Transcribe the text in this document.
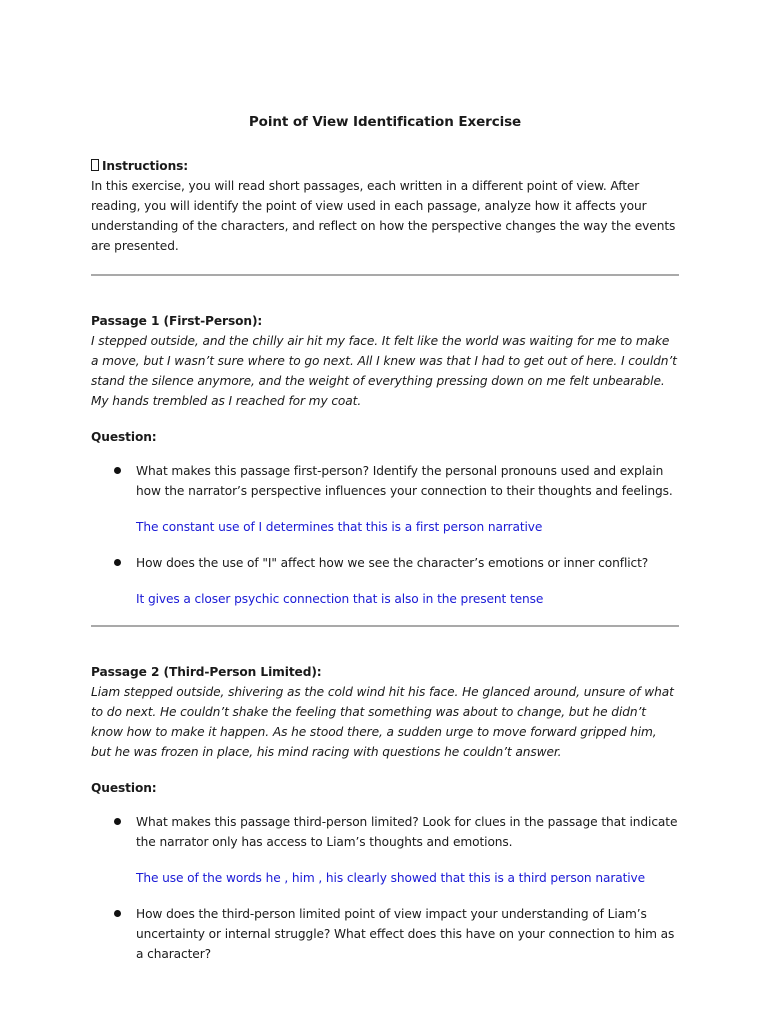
Point of View Identification Exercise
Instructions:

In this exercise, you will read short passages, each written in a different point of view. After reading, you will identify the point of view used in each passage, analyze how it affects your understanding of the characters, and reflect on how the perspective changes the way the events are presented.

Passage 1 (First-Person):

I stepped outside, and the chilly air hit my face. It felt like the world was waiting for me to make a move, but I wasn’t sure where to go next. All I knew was that I had to get out of here. I couldn’t stand the silence anymore, and the weight of everything pressing down on me felt unbearable. My hands trembled as I reached for my coat.

Question:
What makes this passage first-person? Identify the personal pronouns used and explain how the narrator’s perspective influences your connection to their thoughts and feelings.
The constant use of I determines that this is a first person narrative
How does the use of "I" affect how we see the character’s emotions or inner conflict?
It gives a closer psychic connection that is also in the present tense
Passage 2 (Third-Person Limited):

Liam stepped outside, shivering as the cold wind hit his face. He glanced around, unsure of what to do next. He couldn’t shake the feeling that something was about to change, but he didn’t know how to make it happen. As he stood there, a sudden urge to move forward gripped him, but he was frozen in place, his mind racing with questions he couldn’t answer.

Question:
What makes this passage third-person limited? Look for clues in the passage that indicate the narrator only has access to Liam’s thoughts and emotions.
The use of the words he , him , his clearly showed that this is a third person narative
How does the third-person limited point of view impact your understanding of Liam’s uncertainty or internal struggle? What effect does this have on your connection to him as a character?
